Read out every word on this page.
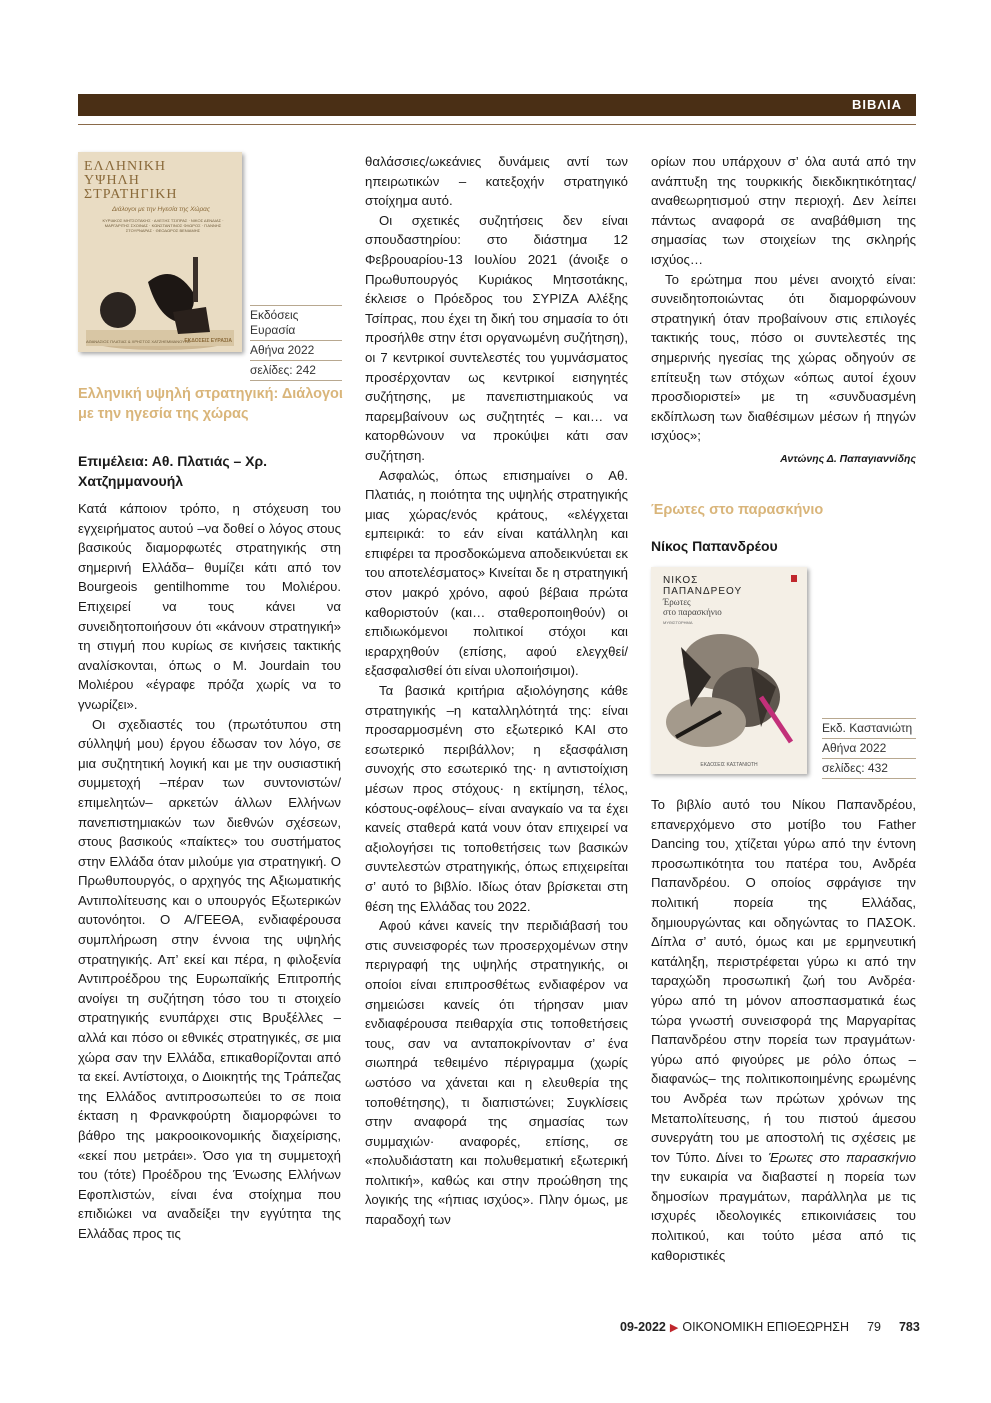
ΒΙΒΛΙΑ
ΕΛΛΗΝΙΚΗ
ΥΨΗΛΗ
ΣΤΡΑΤΗΓΙΚΗ
Διάλογοι με την Ηγεσία της Χώρας
ΚΥΡΙΑΚΟΣ ΜΗΤΣΟΤΑΚΗΣ · ΑΛΕΞΗΣ ΤΣΙΠΡΑΣ · ΝΙΚΟΣ ΔΕΝΔΙΑΣ · ΜΑΡΓΑΡΙΤΗΣ ΣΧΟΙΝΑΣ · ΚΩΝΣΤΑΝΤΙΝΟΣ ΦΛΩΡΟΣ · ΓΙΑΝΝΗΣ ΣΤΟΥΡΝΑΡΑΣ · ΘΕΟΔΩΡΟΣ ΒΕΝΙΑΜΗΣ
ΑΘΑΝΑΣΙΟΣ ΠΛΑΤΙΑΣ & ΧΡΗΣΤΟΣ ΧΑΤΖΗΕΜΜΑΝΟΥΗΛ
ΕΚΔΟΣΕΙΣ ΕΥΡΑΣΙΑ
Εκδόσεις Ευρασία
Αθήνα 2022
σελίδες: 242
Ελληνική υψηλή στρατηγική: Διάλογοι με την ηγεσία της χώρας
Επιμέλεια: Αθ. Πλατιάς – Χρ. Χατζημμανουήλ

Κατά κάποιον τρόπο, η στόχευση του εγχειρήματος αυτού –να δοθεί ο λόγος στους βασικούς διαμορφωτές στρατηγικής στη σημερινή Ελλάδα– θυμίζει κάτι από τον Bourgeois gentilhomme του Μολιέρου. Επιχειρεί να τους κάνει να συνειδητοποιήσουν ότι «κάνουν στρατηγική» τη στιγμή που κυρίως σε κινήσεις τακτικής αναλίσκονται, όπως ο Μ. Jourdain του Μολιέρου «έγραφε πρόζα χωρίς να το γνωρίζει».

Οι σχεδιαστές του (πρωτότυπου στη σύλληψή μου) έργου έδωσαν τον λόγο, σε μια συζητητική λογική και με την ουσιαστική συμμετοχή –πέραν των συντονιστών/επιμελητών– αρκετών άλλων Ελλήνων πανεπιστημιακών των διεθνών σχέσεων, στους βασικούς «παίκτες» του συστήματος στην Ελλάδα όταν μιλούμε για στρατηγική. Ο Πρωθυπουργός, ο αρχηγός της Αξιωματικής Αντιπολίτευσης και ο υπουργός Εξωτερικών αυτονόητοι. Ο Α/ΓΕΕΘΑ, ενδιαφέρουσα συμπλήρωση στην έννοια της υψηλής στρατηγικής. Απ’ εκεί και πέρα, η φιλοξενία Αντιπροέδρου της Ευρωπαϊκής Επιτροπής ανοίγει τη συζήτηση τόσο του τι στοιχείο στρατηγικής ενυπάρχει στις Βρυξέλλες – αλλά και πόσο οι εθνικές στρατηγικές, σε μια χώρα σαν την Ελλάδα, επικαθορίζονται από τα εκεί. Αντίστοιχα, ο Διοικητής της Τράπεζας της Ελλάδος αντιπροσωπεύει το σε ποια έκταση η Φρανκφούρτη διαμορφώνει το βάθρο της μακροοικονομικής διαχείρισης, «εκεί που μετράει». Όσο για τη συμμετοχή του (τότε) Προέδρου της Ένωσης Ελλήνων Εφοπλιστών, είναι ένα στοίχημα που επιδιώκει να αναδείξει την εγγύτητα της Ελλάδας προς τις

θαλάσσιες/ωκεάνιες δυνάμεις αντί των ηπειρωτικών – κατεξοχήν στρατηγικό στοίχημα αυτό.

Οι σχετικές συζητήσεις δεν είναι σπουδαστηρίου: στο διάστημα 12 Φεβρουαρίου-13 Ιουλίου 2021 (άνοιξε ο Πρωθυπουργός Κυριάκος Μητσοτάκης, έκλεισε ο Πρόεδρος του ΣΥΡΙΖΑ Αλέξης Τσίπρας, που έχει τη δική του σημασία το ότι προσήλθε στην έτσι οργανωμένη συζήτηση), οι 7 κεντρικοί συντελεστές του γυμνάσματος προσέρχονταν ως κεντρικοί εισηγητές συζήτησης, με πανεπιστημιακούς να παρεμβαίνουν ως συζητητές – και… να κατορθώνουν να προκύψει κάτι σαν συζήτηση.

Ασφαλώς, όπως επισημαίνει ο Αθ. Πλατιάς, η ποιότητα της υψηλής στρατηγικής μιας χώρας/ενός κράτους, «ελέγχεται εμπειρικά: το εάν είναι κατάλληλη και επιφέρει τα προσδοκώμενα αποδεικνύεται εκ του αποτελέσματος» Κινείται δε η στρατηγική στον μακρό χρόνο, αφού βέβαια πρώτα καθοριστούν (και… σταθεροποιηθούν) οι επιδιωκόμενοι πολιτικοί στόχοι και ιεραρχηθούν (επίσης, αφού ελεγχθεί/εξασφαλισθεί ότι είναι υλοποιήσιμοι).

Τα βασικά κριτήρια αξιολόγησης κάθε στρατηγικής –η καταλληλότητά της: είναι προσαρμοσμένη στο εξωτερικό ΚΑΙ στο εσωτερικό περιβάλλον; η εξασφάλιση συνοχής στο εσωτερικό της· η αντιστοίχιση μέσων προς στόχους· η εκτίμηση, τέλος, κόστους-οφέλους– είναι αναγκαίο να τα έχει κανείς σταθερά κατά νουν όταν επιχειρεί να αξιολογήσει τις τοποθετήσεις των βασικών συντελεστών στρατηγικής, όπως επιχειρείται σ’ αυτό το βιβλίο. Ιδίως όταν βρίσκεται στη θέση της Ελλάδας του 2022.

Αφού κάνει κανείς την περιδιάβασή του στις συνεισφορές των προσερχομένων στην περιγραφή της υψηλής στρατηγικής, οι οποίοι είναι επιπροσθέτως ενδιαφέρον να σημειώσει κανείς ότι τήρησαν μιαν ενδιαφέρουσα πειθαρχία στις τοποθετήσεις τους, σαν να ανταποκρίνονταν σ’ ένα σιωπηρά τεθειμένο πέριγραμμα (χωρίς ωστόσο να χάνεται και η ελευθερία της τοποθέτησης), τι διαπιστώνει; Συγκλίσεις στην αναφορά της σημασίας των συμμαχιών· αναφορές, επίσης, σε «πολυδιάστατη και πολυθεματική εξωτερική πολιτική», καθώς και στην προώθηση της λογικής της «ήπιας ισχύος». Πλην όμως, με παραδοχή των

ορίων που υπάρχουν σ’ όλα αυτά από την ανάπτυξη της τουρκικής διεκδικητικότητας/αναθεωρητισμού στην περιοχή. Δεν λείπει πάντως αναφορά σε αναβάθμιση της σημασίας των στοιχείων της σκληρής ισχύος…

Το ερώτημα που μένει ανοιχτό είναι: συνειδητοποιώντας ότι διαμορφώνουν στρατηγική όταν προβαίνουν στις επιλογές τακτικής τους, πόσο οι συντελεστές της σημερινής ηγεσίας της χώρας οδηγούν σε επίτευξη των στόχων «όπως αυτοί έχουν προσδιοριστεί» με τη «συνδυασμένη εκδίπλωση των διαθέσιμων μέσων ή πηγών ισχύος»;

Αντώνης Δ. Παπαγιαννίδης
Έρωτες στο παρασκήνιο
Νίκος Παπανδρέου
ΝΙΚΟΣ
ΠΑΠΑΝΔΡΕΟΥ
Έρωτες
στο παρασκήνιο
ΜΥΘΙΣΤΟΡΗΜΑ
ΕΚΔΟΣΕΙΣ ΚΑΣΤΑΝΙΩΤΗ
Εκδ. Καστανιώτη
Αθήνα 2022
σελίδες: 432

Το βιβλίο αυτό του Νίκου Παπανδρέου, επανερχόμενο στο μοτίβο του Father Dancing του, χτίζεται γύρω από την έντονη προσωπικότητα του πατέρα του, Ανδρέα Παπανδρέου. Ο οποίος σφράγισε την πολιτική πορεία της Ελλάδας, δημιουργώντας και οδηγώντας το ΠΑΣΟΚ. Δίπλα σ’ αυτό, όμως και με ερμηνευτική κατάληξη, περιστρέφεται γύρω κι από την ταραχώδη προσωπική ζωή του Ανδρέα· γύρω από τη μόνον αποσπασματικά έως τώρα γνωστή συνεισφορά της Μαργαρίτας Παπανδρέου στην πορεία των πραγμάτων· γύρω από φιγούρες με ρόλο όπως –διαφανώς– της πολιτικοποιημένης ερωμένης του Ανδρέα των πρώτων χρόνων της Μεταπολίτευσης, ή του πιστού άμεσου συνεργάτη του με αποστολή τις σχέσεις με τον Τύπο. Δίνει το Έρωτες στο παρασκήνιο την ευκαιρία να διαβαστεί η πορεία των δημοσίων πραγμάτων, παράλληλα με τις ισχυρές ιδεολογικές επικοινιάσεις του πολιτικού, και τούτο μέσα από τις καθοριστικές

09-2022 ▶ ΟΙΚΟΝΟΜΙΚΗ ΕΠΙΘΕΩΡΗΣΗ 79 783
